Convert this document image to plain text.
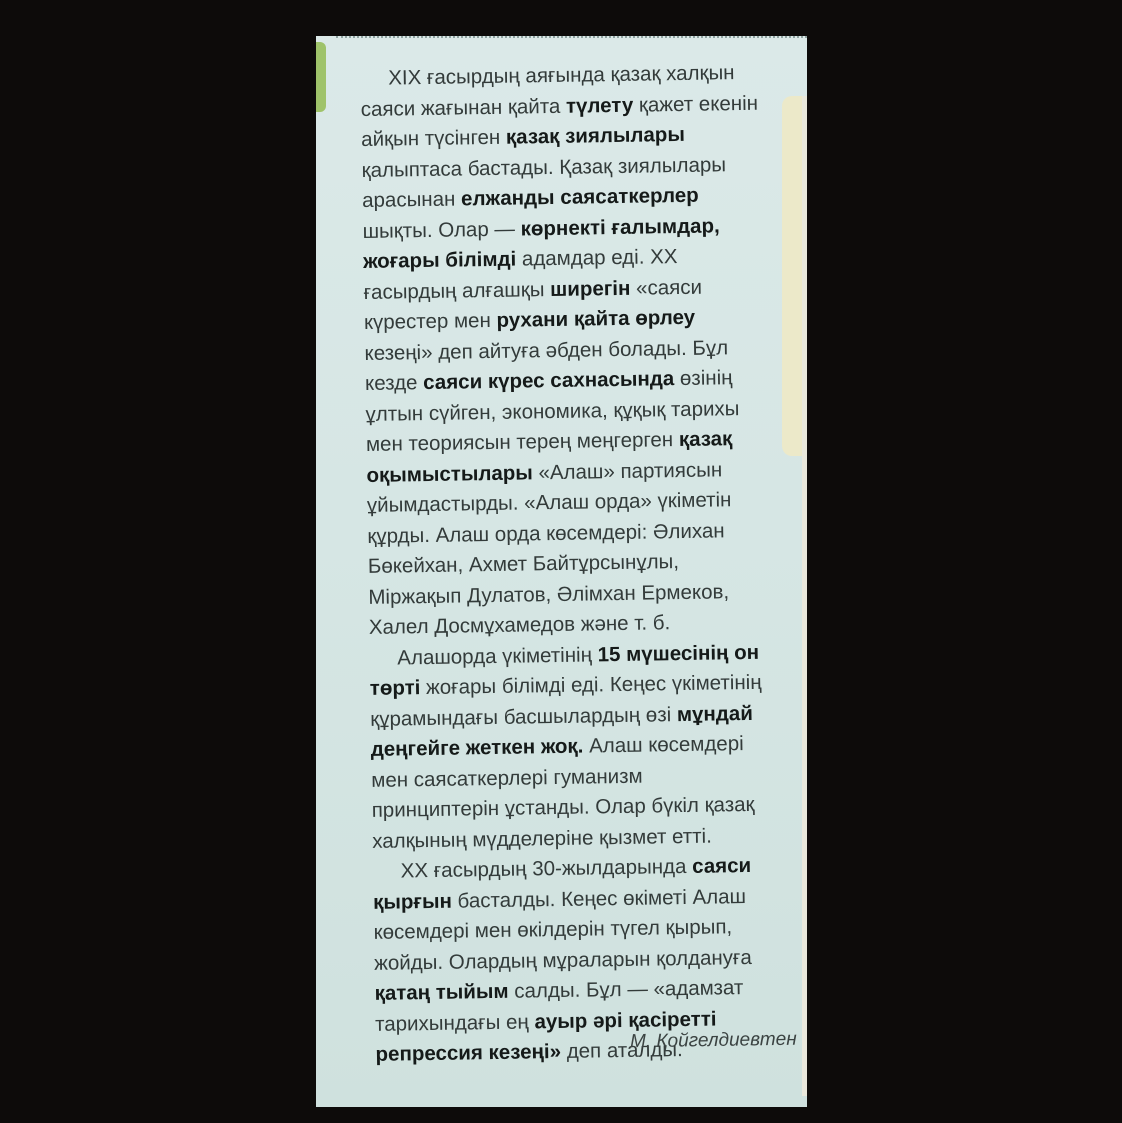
XIX ғасырдың аяғында қазақ халқын саяси жағынан қайта түлету қажет екенін айқын түсінген қазақ зиялылары қалыптаса бастады. Қазақ зиялылары арасынан елжанды саясаткерлер шықты. Олар — көрнекті ғалымдар, жоғары білімді адамдар еді. XX ғасырдың алғашқы ширегін «саяси күрестер мен рухани қайта өрлеу кезеңі» деп айтуға әбден болады. Бұл кезде саяси күрес сахнасында өзінің ұлтын сүйген, экономика, құқық тарихы мен теориясын терең меңгерген қазақ оқымыстылары «Алаш» партиясын ұйымдастырды. «Алаш орда» үкіметін құрды. Алаш орда көсемдері: Әлихан Бөкейхан, Ахмет Байтұрсынұлы, Міржақып Дулатов, Әлімхан Ермеков, Халел Досмұхамедов және т. б.

Алашорда үкіметінің 15 мүшесінің он төрті жоғары білімді еді. Кеңес үкіметінің құрамындағы басшылардың өзі мұндай деңгейге жеткен жоқ. Алаш көсемдері мен саясаткерлері гуманизм принциптерін ұстанды. Олар бүкіл қазақ халқының мүдделеріне қызмет етті.

XX ғасырдың 30-жылдарында саяси қырғын басталды. Кеңес өкіметі Алаш көсемдері мен өкілдерін түгел қырып, жойды. Олардың мұраларын қолдануға қатаң тыйым салды. Бұл — «адамзат тарихындағы ең ауыр әрі қасіретті репрессия кезеңі» деп аталды.

М. Қойгелдиевтен
